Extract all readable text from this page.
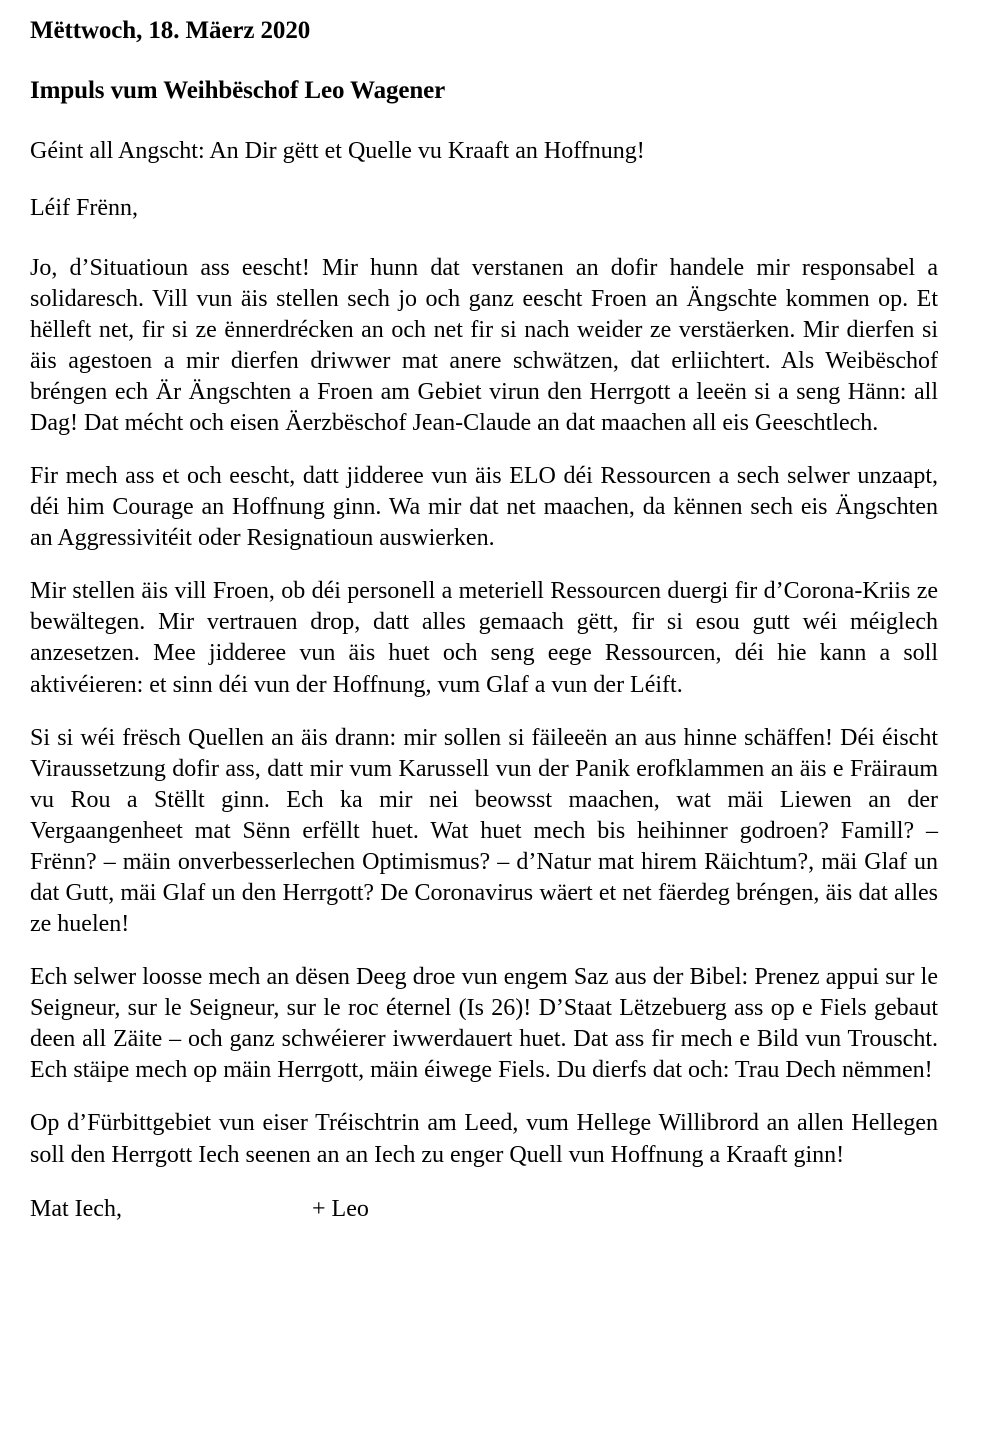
Mëttwoch, 18. Mäerz 2020
Impuls vum Weihbëschof Leo Wagener
Géint all Angscht: An Dir gëtt et Quelle vu Kraaft an Hoffnung!
Léif Frënn,

Jo, d’Situatioun ass eescht! Mir hunn dat verstanen an dofir handele mir responsabel a solidaresch. Vill vun äis stellen sech jo och ganz eescht Froen an Ängschte kommen op. Et hëlleft net, fir si ze ënnerdrécken an och net fir si nach weider ze verstäerken. Mir dierfen si äis agestoen a mir dierfen driwwer mat anere schwätzen, dat erliichtert. Als Weibëschof bréngen ech Är Ängschten a Froen am Gebiet virun den Herrgott a leeën si a seng Hänn: all Dag! Dat mécht och eisen Äerzbëschof Jean-Claude an dat maachen all eis Geeschtlech.

Fir mech ass et och eescht, datt jidderee vun äis ELO déi Ressourcen a sech selwer unzaapt, déi him Courage an Hoffnung ginn. Wa mir dat net maachen, da kënnen sech eis Ängschten an Aggressivitéit oder Resignatioun auswierken.

Mir stellen äis vill Froen, ob déi personell a meteriell Ressourcen duergi fir d’Corona-Kriis ze bewältegen. Mir vertrauen drop, datt alles gemaach gëtt, fir si esou gutt wéi méiglech anzesetzen. Mee jidderee vun äis huet och seng eege Ressourcen, déi hie kann a soll aktivéieren: et sinn déi vun der Hoffnung, vum Glaf a vun der Léift.

Si si wéi frësch Quellen an äis drann: mir sollen si fäileeën an aus hinne schäffen! Déi éischt Viraussetzung dofir ass, datt mir vum Karussell vun der Panik erofklammen an äis e Fräiraum vu Rou a Stëllt ginn. Ech ka mir nei beowsst maachen, wat mäi Liewen an der Vergaangenheet mat Sënn erfëllt huet. Wat huet mech bis heihinner godroen? Famill? – Frënn? – mäin onverbesserlechen Optimismus? – d’Natur mat hirem Räichtum?, mäi Glaf un dat Gutt, mäi Glaf un den Herrgott? De Coronavirus wäert et net fäerdeg bréngen, äis dat alles ze huelen!

Ech selwer loosse mech an dësen Deeg droe vun engem Saz aus der Bibel: Prenez appui sur le Seigneur, sur le Seigneur, sur le roc éternel (Is 26)! D’Staat Lëtzebuerg ass op e Fiels gebaut deen all Zäite – och ganz schwéierer iwwerdauert huet. Dat ass fir mech e Bild vun Trouscht. Ech stäipe mech op mäin Herrgott, mäin éiwege Fiels. Du dierfs dat och: Trau Dech nëmmen!

Op d’Fürbittgebiet vun eiser Tréischtrin am Leed, vum Hellege Willibrord an allen Hellegen soll den Herrgott Iech seenen an an Iech zu enger Quell vun Hoffnung a Kraaft ginn!

Mat Iech,	+ Leo
